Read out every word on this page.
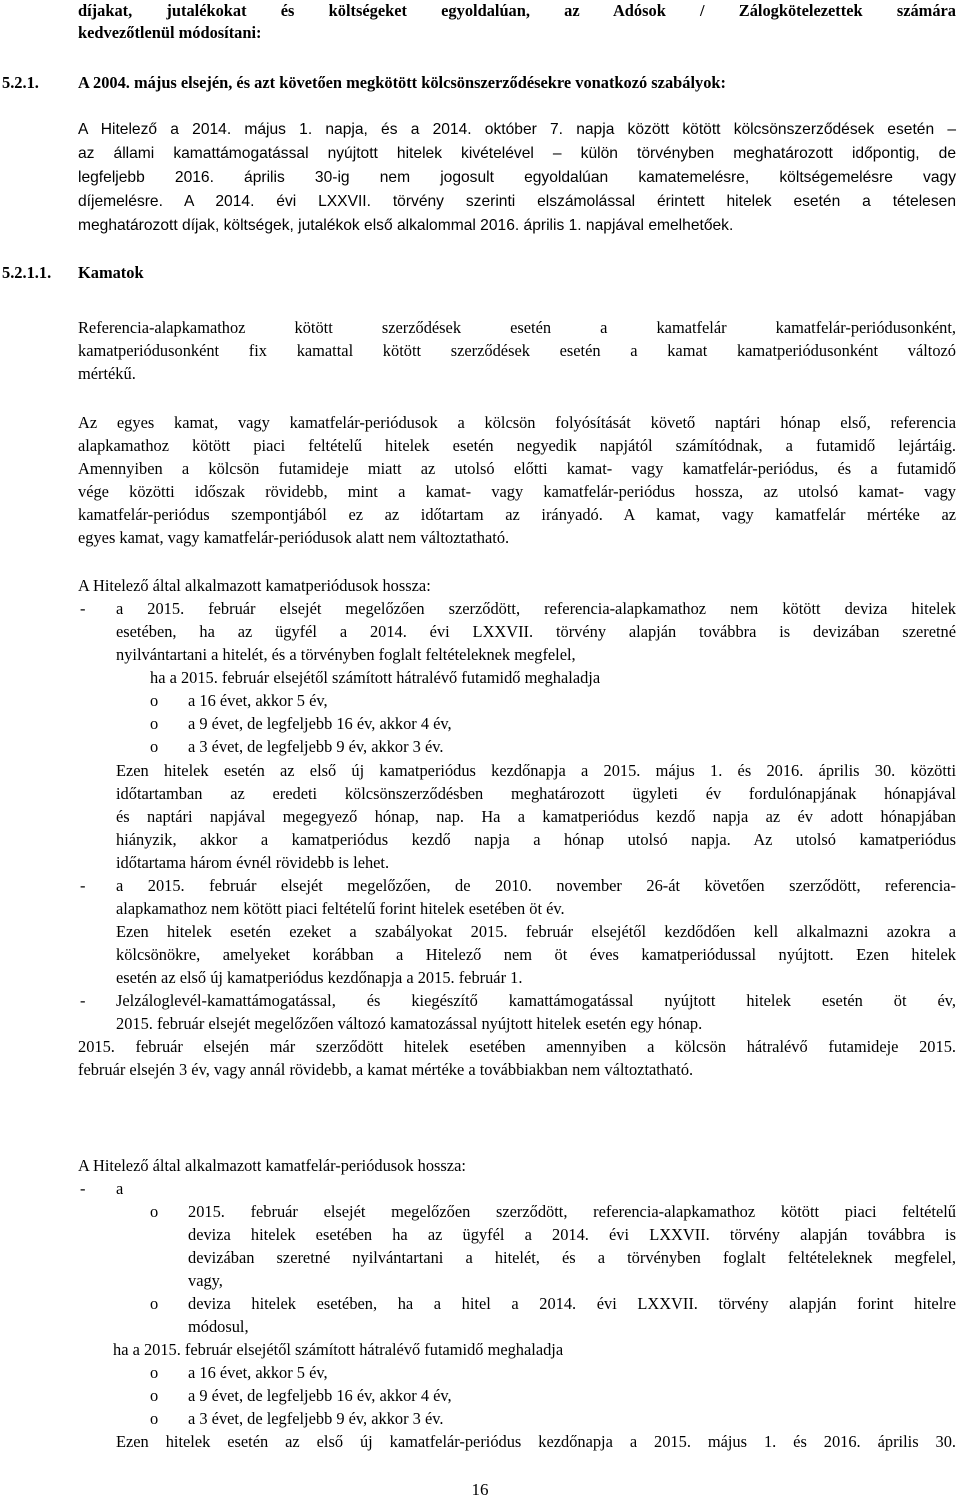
díjakat, jutalékokat és költségeket egyoldalúan, az Adósok / Zálogkötelezettek számára
kedvezőtlenül módosítani:
5.2.1. A 2004. május elsején, és azt követően megkötött kölcsönszerződésekre vonatkozó szabályok:
A Hitelező a 2014. május 1. napja, és a 2014. október 7. napja között kötött kölcsönszerződések esetén –
az állami kamattámogatással nyújtott hitelek kivételével – külön törvényben meghatározott időpontig, de
legfeljebb 2016. április 30-ig nem jogosult egyoldalúan kamatemelésre, költségemelésre vagy
díjemelésre. A 2014. évi LXXVII. törvény szerinti elszámolással érintett hitelek esetén a tételesen
meghatározott díjak, költségek, jutalékok első alkalommal 2016. április 1. napjával emelhetőek.
5.2.1.1. Kamatok
Referencia-alapkamathoz kötött szerződések esetén a kamatfelár kamatfelár-periódusonként,
kamatperiódusonként fix kamattal kötött szerződések esetén a kamat kamatperiódusonként változó
mértékű.
Az egyes kamat, vagy kamatfelár-periódusok a kölcsön folyósítását követő naptári hónap első, referencia
alapkamathoz kötött piaci feltételű hitelek esetén negyedik napjától számítódnak, a futamidő lejártáig.
Amennyiben a kölcsön futamideje miatt az utolsó előtti kamat- vagy kamatfelár-periódus, és a futamidő
vége közötti időszak rövidebb, mint a kamat- vagy kamatfelár-periódus hossza, az utolsó kamat- vagy
kamatfelár-periódus szempontjából ez az időtartam az irányadó. A kamat, vagy kamatfelár mértéke az
egyes kamat, vagy kamatfelár-periódusok alatt nem változtatható.
A Hitelező által alkalmazott kamatperiódusok hossza:
- a 2015. február elsejét megelőzően szerződött, referencia-alapkamathoz nem kötött deviza hitelek
esetében, ha az ügyfél a 2014. évi LXXVII. törvény alapján továbbra is devizában szeretné
nyilvántartani a hitelét, és a törvényben foglalt feltételeknek megfelel,
ha a 2015. február elsejétől számított hátralévő futamidő meghaladja
o a 16 évet, akkor 5 év,
o a 9 évet, de legfeljebb 16 év, akkor 4 év,
o a 3 évet, de legfeljebb 9 év, akkor 3 év.
Ezen hitelek esetén az első új kamatperiódus kezdőnapja a 2015. május 1. és 2016. április 30. közötti
időtartamban az eredeti kölcsönszerződésben meghatározott ügyleti év fordulónapjának hónapjával
és naptári napjával megegyező hónap, nap. Ha a kamatperiódus kezdő napja az év adott hónapjában
hiányzik, akkor a kamatperiódus kezdő napja a hónap utolsó napja. Az utolsó kamatperiódus
időtartama három évnél rövidebb is lehet.
- a 2015. február elsejét megelőzően, de 2010. november 26-át követően szerződött, referencia-
alapkamathoz nem kötött piaci feltételű forint hitelek esetében öt év.
Ezen hitelek esetén ezeket a szabályokat 2015. február elsejétől kezdődően kell alkalmazni azokra a
kölcsönökre, amelyeket korábban a Hitelező nem öt éves kamatperiódussal nyújtott. Ezen hitelek
esetén az első új kamatperiódus kezdőnapja a 2015. február 1.
- Jelzáloglevél-kamattámogatással, és kiegészítő kamattámogatással nyújtott hitelek esetén öt év,
2015. február elsejét megelőzően változó kamatozással nyújtott hitelek esetén egy hónap.
2015. február elsején már szerződött hitelek esetében amennyiben a kölcsön hátralévő futamideje 2015.
február elsején 3 év, vagy annál rövidebb, a kamat mértéke a továbbiakban nem változtatható.
A Hitelező által alkalmazott kamatfelár-periódusok hossza:
- a
o 2015. február elsejét megelőzően szerződött, referencia-alapkamathoz kötött piaci feltételű
deviza hitelek esetében ha az ügyfél a 2014. évi LXXVII. törvény alapján továbbra is
devizában szeretné nyilvántartani a hitelét, és a törvényben foglalt feltételeknek megfelel,
vagy,
o deviza hitelek esetében, ha a hitel a 2014. évi LXXVII. törvény alapján forint hitelre
módosul,
ha a 2015. február elsejétől számított hátralévő futamidő meghaladja
o a 16 évet, akkor 5 év,
o a 9 évet, de legfeljebb 16 év, akkor 4 év,
o a 3 évet, de legfeljebb 9 év, akkor 3 év.
Ezen hitelek esetén az első új kamatfelár-periódus kezdőnapja a 2015. május 1. és 2016. április 30.
16
